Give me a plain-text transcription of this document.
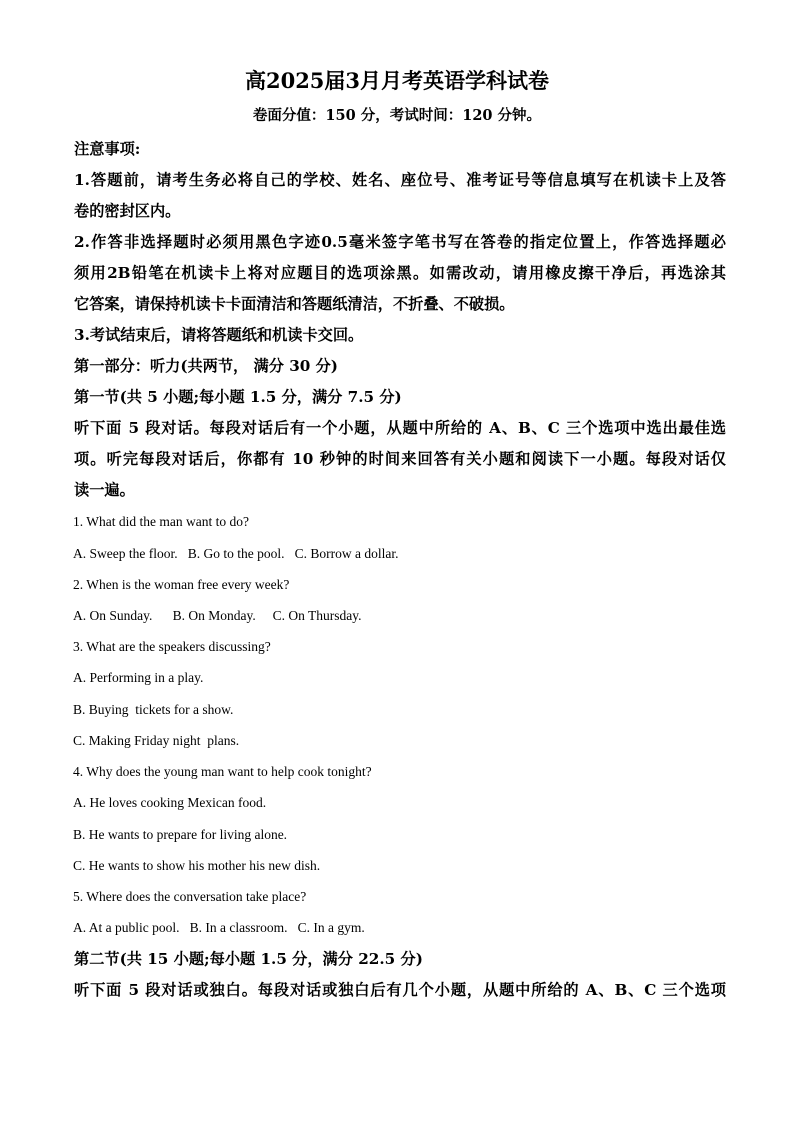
高2025届3月月考英语学科试卷
卷面分值：150 分，考试时间：120 分钟。
注意事项:
1.答题前，请考生务必将自己的学校、姓名、座位号、准考证号等信息填写在机读卡上及答
卷的密封区内。
2.作答非选择题时必须用黑色字迹0.5毫米签字笔书写在答卷的指定位置上，作答选择题必
须用2B铅笔在机读卡上将对应题目的选项涂黑。如需改动，请用橡皮擦干净后，再选涂其
它答案，请保持机读卡卡面清洁和答题纸清洁，不折叠、不破损。
3.考试结束后，请将答题纸和机读卡交回。
第一部分：听力(共两节， 满分 30 分)
第一节(共 5 小题;每小题 1.5 分，满分 7.5 分)
听下面 5 段对话。每段对话后有一个小题，从题中所给的 A、B、C 三个选项中选出最佳选
项。听完每段对话后，你都有 10 秒钟的时间来回答有关小题和阅读下一小题。每段对话仅
读一遍。
1. What did the man want to do?
A. Sweep the floor.   B. Go to the pool.   C. Borrow a dollar.
2. When is the woman free every week?
A. On Sunday.      B. On Monday.     C. On Thursday.
3. What are the speakers discussing?
A. Performing in a play.
B. Buying  tickets for a show.
C. Making Friday night  plans.
4. Why does the young man want to help cook tonight?
A. He loves cooking Mexican food.
B. He wants to prepare for living alone.
C. He wants to show his mother his new dish.
5. Where does the conversation take place?
A. At a public pool.   B. In a classroom.   C. In a gym.
第二节(共 15 小题;每小题 1.5 分，满分 22.5 分)
听下面 5 段对话或独白。每段对话或独白后有几个小题，从题中所给的 A、B、C 三个选项
